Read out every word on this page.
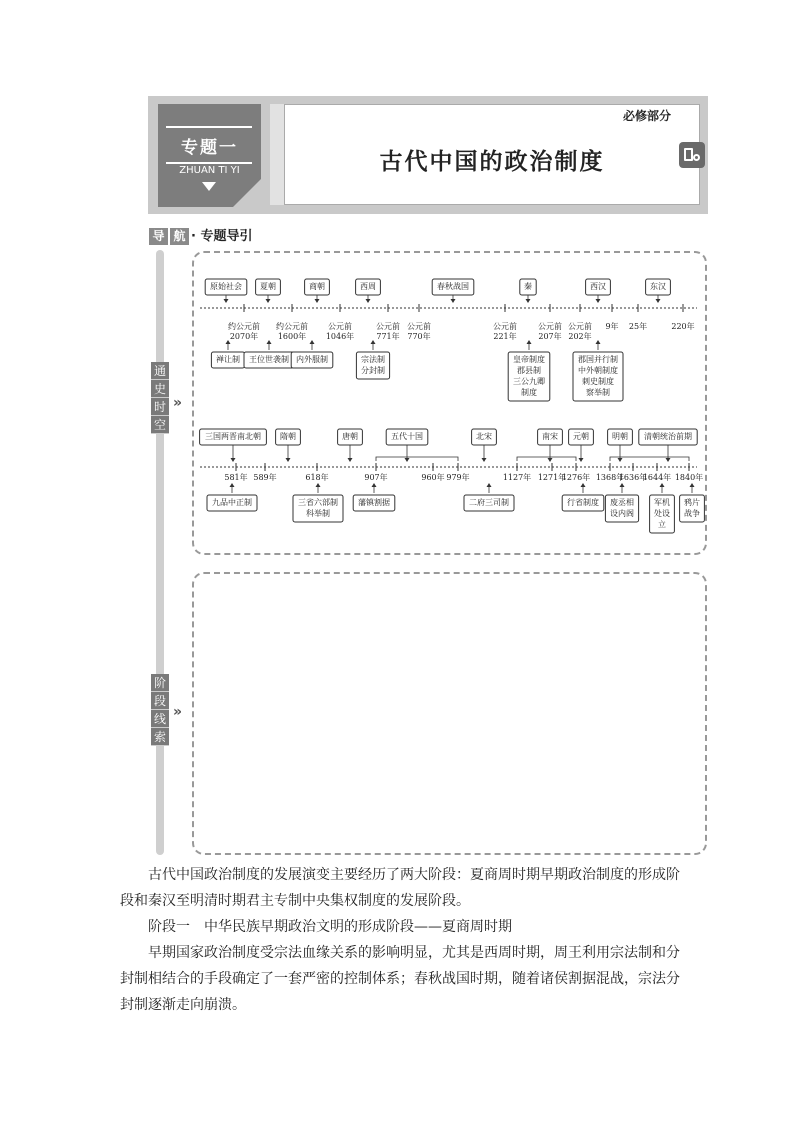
专题一
ZHUAN TI YI
必修部分
古代中国的政治制度
导 航 · 专题导引
通
史
时
空
»
阶
段
线
索
»
原始社会 夏朝	商朝	西周	春秋战国	秦	西汉	东汉
约公元前 2070年
约公元前 1600年
公元前 1046年
公元前 771年
公元前 770年
公元前 221年
公元前 207年
公元前 202年
9年 25年	220年
禅让制 王位世袭制 内外服制	宗法制分封制
皇帝制度郡县制三公九卿制度
郡国并行制中外朝制度刺史制度察举制
三国两晋南北朝 隋朝	唐朝	五代十国	北宋	南宋 元朝	明朝 清朝统治前期
581年 589年	618年	907年	960年 979年	1127年 1271年
1276年 1368年
1636年
1644年 1840年
九品中正制	三省六部制科举制
藩镇割据	二府三司制	行省制度 废丞相设内阁
军机处设立
鸦片战争

古代中国政治制度的发展演变主要经历了两大阶段：夏商周时期早期政治制度的形成阶段和秦汉至明清时期君主专制中央集权制度的发展阶段。

阶段一　中华民族早期政治文明的形成阶段——夏商周时期

早期国家政治制度受宗法血缘关系的影响明显，尤其是西周时期，周王利用宗法制和分封制相结合的手段确定了一套严密的控制体系；春秋战国时期，随着诸侯割据混战，宗法分封制逐渐走向崩溃。
